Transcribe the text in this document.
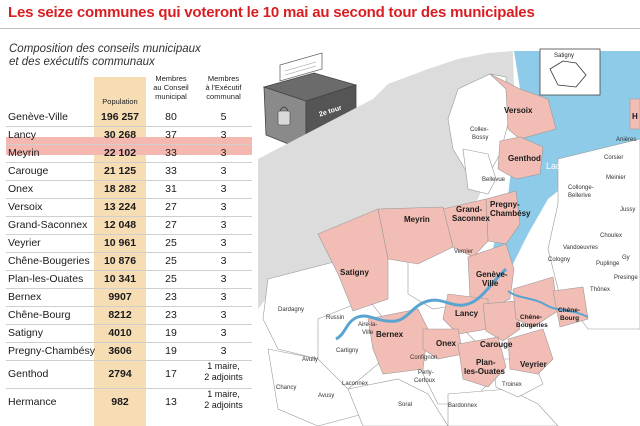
Les seize communes qui voteront le 10 mai au second tour des municipales
Composition des conseils municipaux
et des exécutifs communaux
Population
Membres
au Conseil
municipal
Membres
à l'Exécutif
communal
Genève-Ville	196 257	80	5
Lancy	30 268	37	3
Meyrin	22 102	33	3
Carouge	21 125	33	3
Onex	18 282	31	3
Versoix	13 224	27	3
Grand-Saconnex	12 048	27	3
Veyrier	10 961	25	3
Chêne-Bougeries	10 876	25	3
Plan-les-Ouates	10 341	25	3
Bernex	9907	23	3
Chêne-Bourg	8212	23	3
Satigny	4010	19	3
Pregny-Chambésy	3606	19	3
Genthod	2794	17
1 maire,
2 adjoints
Hermance	982	13
1 maire,
2 adjoints
2e tour
Satigny
Lac Léman
Versoix
Genthod
Pregny-
Chambésy
Grand-
Saconnex
Meyrin
Satigny	Genève-
Ville
Bernex
Lancy
Onex	Carouge
Plan-
les-Ouates
Veyrier
Chêne-
Bougeries
Chêne-
Bourg
Collex-
Bossy
Bellevue
Collonge-
Bellerive
Vernier
Dardagny
Russin
Aire-la-
Ville
Cartigny
Avully
Chancy
Avusy
Laconnex
Soral
Confignon
Perly-
Certoux
Bardonnex
Troinex
Cologny
Vandoeuvres
Choulex
Thônex
Puplinge
Presinge
Gy
Jussy
Meinier
Corsier
Anières
H
